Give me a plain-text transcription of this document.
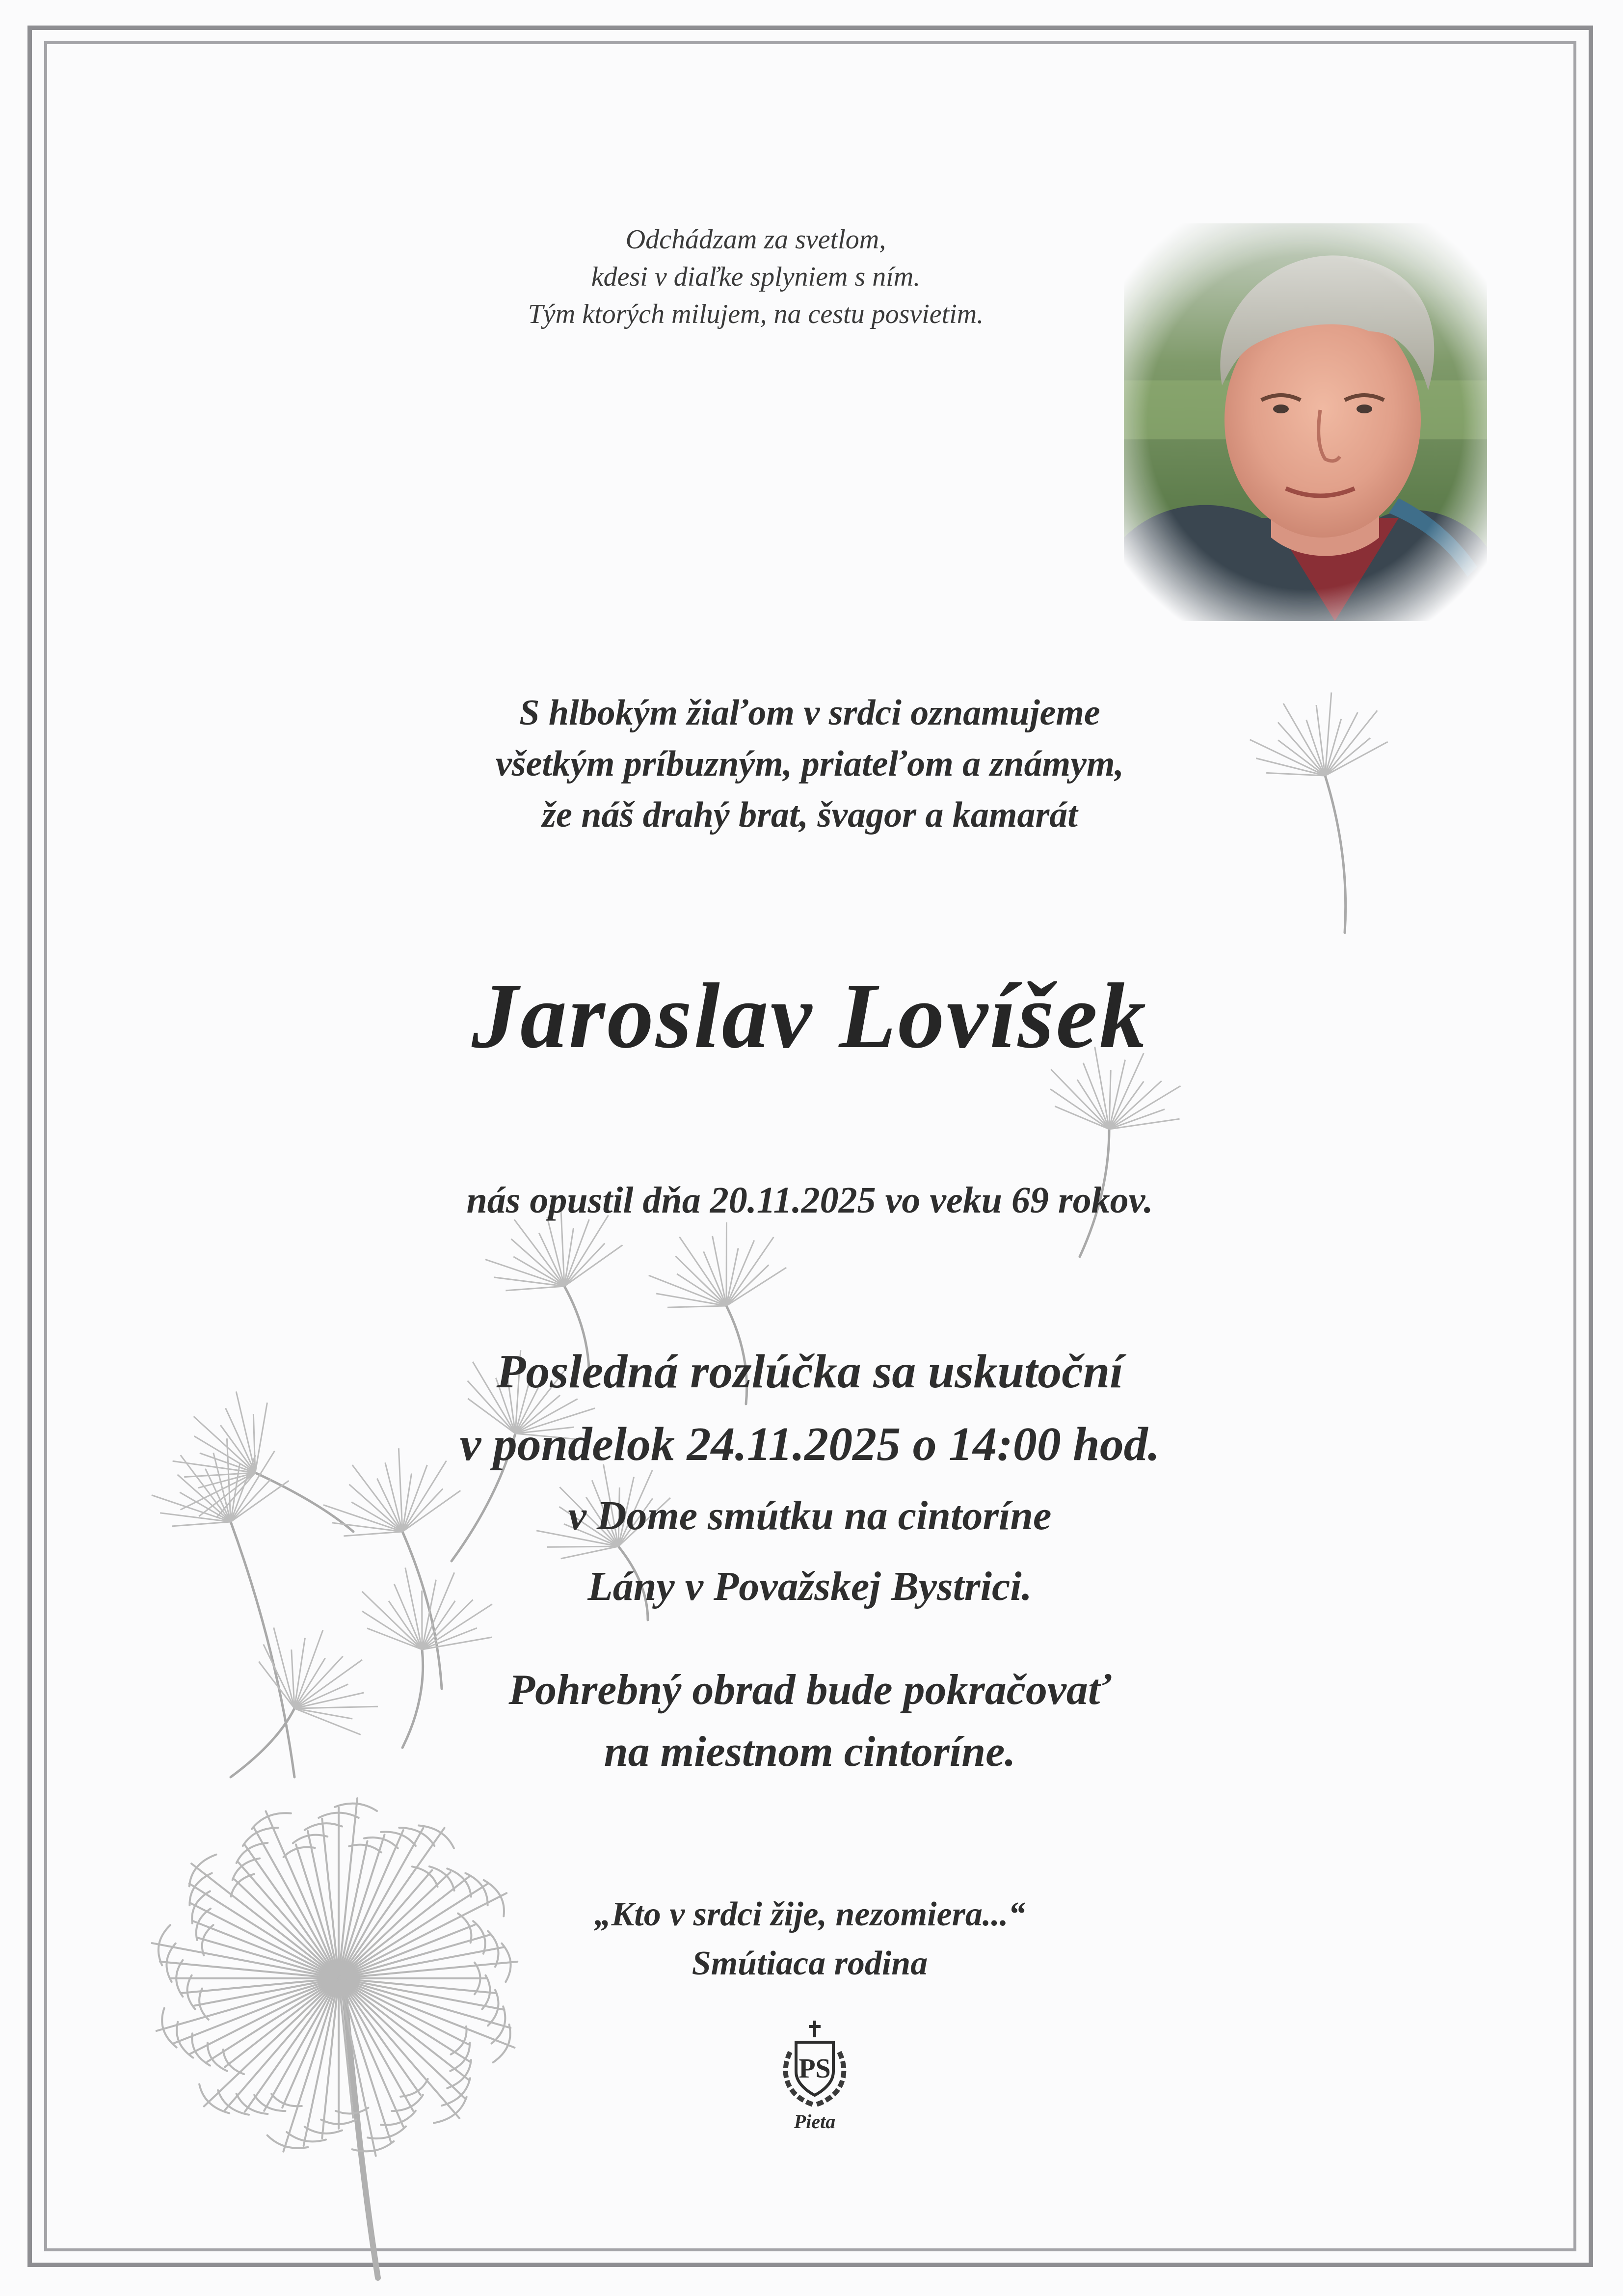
Odchádzam za svetlom,
kdesi v diaľke splyniem s ním.
Tým ktorých milujem, na cestu posvietim.
S hlbokým žiaľom v srdci oznamujeme
všetkým príbuzným, priateľom a známym,
že náš drahý brat, švagor a kamarát
Jaroslav Lovíšek
nás opustil dňa 20.11.2025 vo veku 69 rokov.
Posledná rozlúčka sa uskutoční
v pondelok 24.11.2025 o 14:00 hod.
v Dome smútku na cintoríne
Lány v Považskej Bystrici.
Pohrebný obrad bude pokračovať
na miestnom cintoríne.
„Kto v srdci žije, nezomiera...“
Smútiaca rodina
PS
Pieta
